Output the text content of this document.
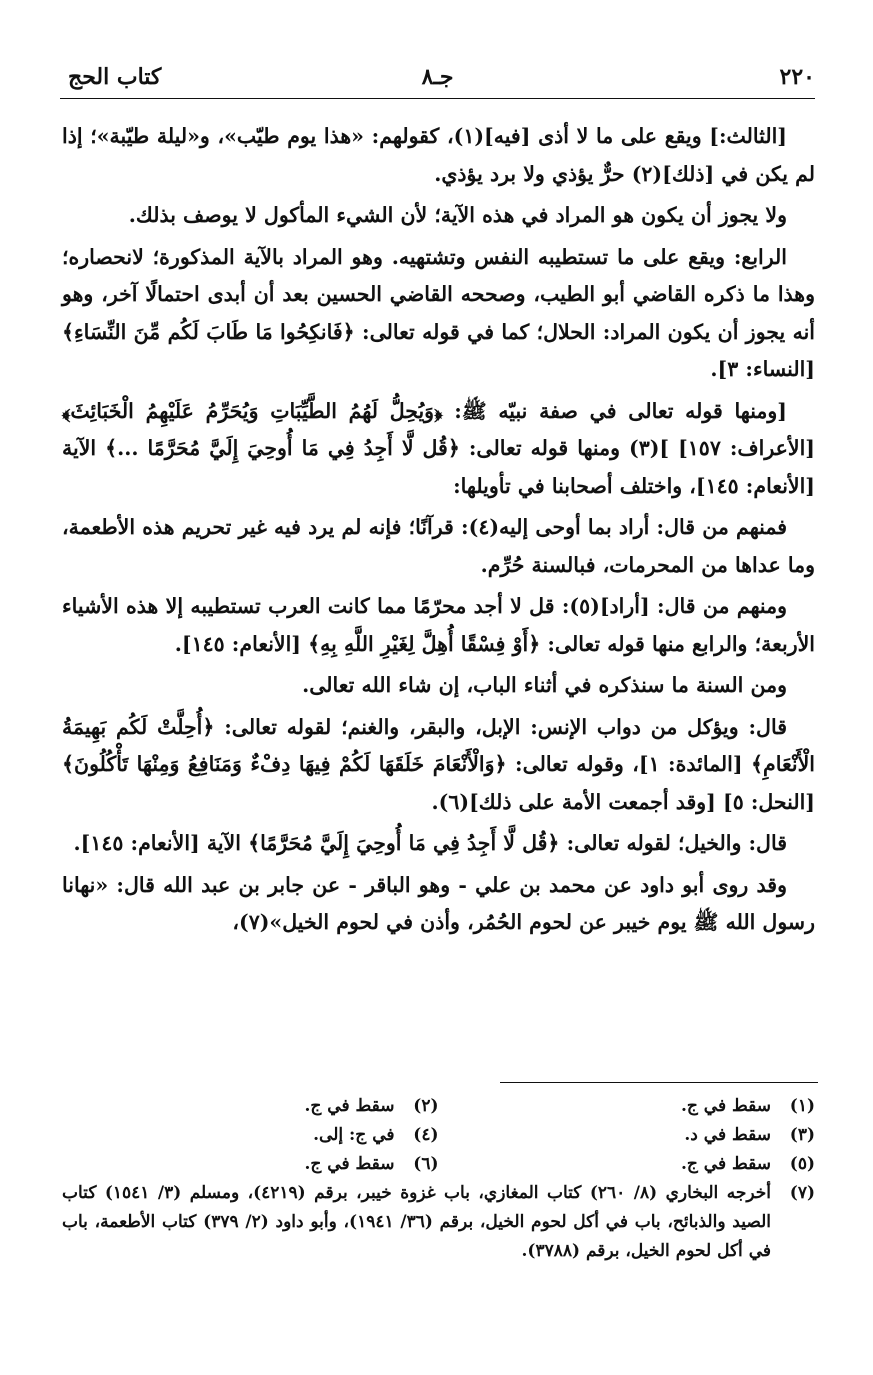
كتاب الحج	جـ٨	٢٢٠

[الثالث:] ويقع على ما لا أذى [فيه](١)، كقولهم: «هذا يوم طيّب»، و«ليلة طيّبة»؛ إذا لم يكن في [ذلك](٢) حرٌّ يؤذي ولا برد يؤذي.

ولا يجوز أن يكون هو المراد في هذه الآية؛ لأن الشيء المأكول لا يوصف بذلك.

الرابع: ويقع على ما تستطيبه النفس وتشتهيه. وهو المراد بالآية المذكورة؛ لانحصاره؛ وهذا ما ذكره القاضي أبو الطيب، وصححه القاضي الحسين بعد أن أبدى احتمالًا آخر، وهو أنه يجوز أن يكون المراد: الحلال؛ كما في قوله تعالى: ﴿فَانكِحُوا مَا طَابَ لَكُم مِّنَ النِّسَاءِ﴾ [النساء: ٣].

[ومنها قوله تعالى في صفة نبيّه ﷺ: ﴿وَيُحِلُّ لَهُمُ الطَّيِّبَاتِ وَيُحَرِّمُ عَلَيْهِمُ الْخَبَائِثَ﴾ [الأعراف: ١٥٧] ](٣) ومنها قوله تعالى: ﴿قُل لَّا أَجِدُ فِي مَا أُوحِيَ إِلَيَّ مُحَرَّمًا ...﴾ الآية [الأنعام: ١٤٥]، واختلف أصحابنا في تأويلها:

فمنهم من قال: أراد بما أوحى إليه(٤): قرآنًا؛ فإنه لم يرد فيه غير تحريم هذه الأطعمة، وما عداها من المحرمات، فبالسنة حُرِّم.

ومنهم من قال: [أراد](٥): قل لا أجد محرّمًا مما كانت العرب تستطيبه إلا هذه الأشياء الأربعة؛ والرابع منها قوله تعالى: ﴿أَوْ فِسْقًا أُهِلَّ لِغَيْرِ اللَّهِ بِهِ﴾ [الأنعام: ١٤٥].

ومن السنة ما سنذكره في أثناء الباب، إن شاء الله تعالى.

قال: ويؤكل من دواب الإنس: الإبل، والبقر، والغنم؛ لقوله تعالى: ﴿أُحِلَّتْ لَكُم بَهِيمَةُ الْأَنْعَامِ﴾ [المائدة: ١]، وقوله تعالى: ﴿وَالْأَنْعَامَ خَلَقَهَا لَكُمْ فِيهَا دِفْءٌ وَمَنَافِعُ وَمِنْهَا تَأْكُلُونَ﴾ [النحل: ٥] [وقد أجمعت الأمة على ذلك](٦).

قال: والخيل؛ لقوله تعالى: ﴿قُل لَّا أَجِدُ فِي مَا أُوحِيَ إِلَيَّ مُحَرَّمًا﴾ الآية [الأنعام: ١٤٥].

وقد روى أبو داود عن محمد بن علي - وهو الباقر - عن جابر بن عبد الله قال: «نهانا رسول الله ﷺ يوم خيبر عن لحوم الحُمُر، وأذن في لحوم الخيل»(٧)،

(١)
سقط في ج.
(٢)
سقط في ج.
(٣)
سقط في د.
(٤)
في ج: إلى.
(٥)
سقط في ج.
(٦)
سقط في ج.
(٧)
أخرجه البخاري (٨/ ٢٦٠) كتاب المغازي، باب غزوة خيبر، برقم (٤٢١٩)، ومسلم (٣/ ١٥٤١) كتاب الصيد والذبائح، باب في أكل لحوم الخيل، برقم (٣٦/ ١٩٤١)، وأبو داود (٢/ ٣٧٩) كتاب الأطعمة، باب في أكل لحوم الخيل، برقم (٣٧٨٨).
